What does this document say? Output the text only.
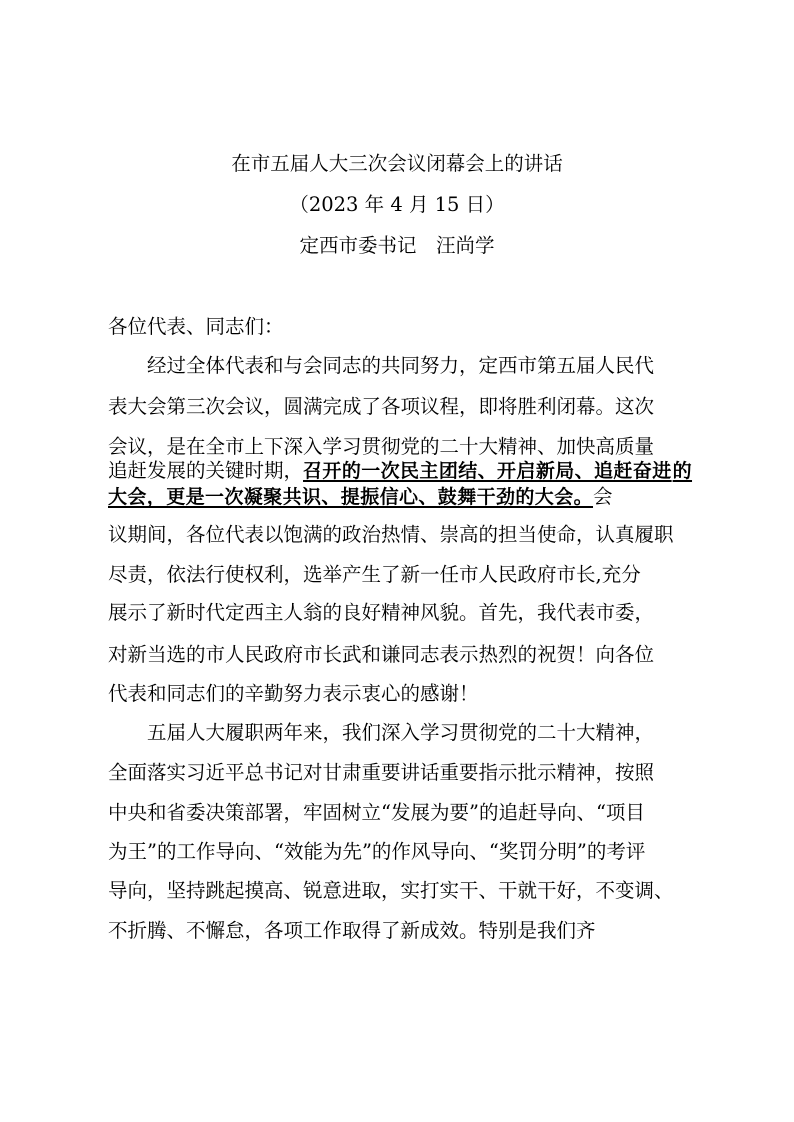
在市五届人大三次会议闭幕会上的讲话
（2023 年 4 月 15 日）
定西市委书记　汪尚学
各位代表、同志们：
经过全体代表和与会同志的共同努力，定西市第五届人民代
表大会第三次会议，圆满完成了各项议程，即将胜利闭幕。这次
会议，是在全市上下深入学习贯彻党的二十大精神、加快高质量
追赶发展的关键时期，召开的一次民主团结、开启新局、追赶奋进的
大会，更是一次凝聚共识、提振信心、鼓舞干劲的大会。会
议期间，各位代表以饱满的政治热情、崇高的担当使命，认真履职
尽责，依法行使权利，选举产生了新一任市人民政府市长,充分
展示了新时代定西主人翁的良好精神风貌。首先，我代表市委，
对新当选的市人民政府市长武和谦同志表示热烈的祝贺！向各位
代表和同志们的辛勤努力表示衷心的感谢！
五届人大履职两年来，我们深入学习贯彻党的二十大精神，
全面落实习近平总书记对甘肃重要讲话重要指示批示精神，按照
中央和省委决策部署，牢固树立“发展为要”的追赶导向、“项目
为王”的工作导向、“效能为先”的作风导向、“奖罚分明”的考评
导向，坚持跳起摸高、锐意进取，实打实干、干就干好，不变调、
不折腾、不懈怠，各项工作取得了新成效。特别是我们齐
